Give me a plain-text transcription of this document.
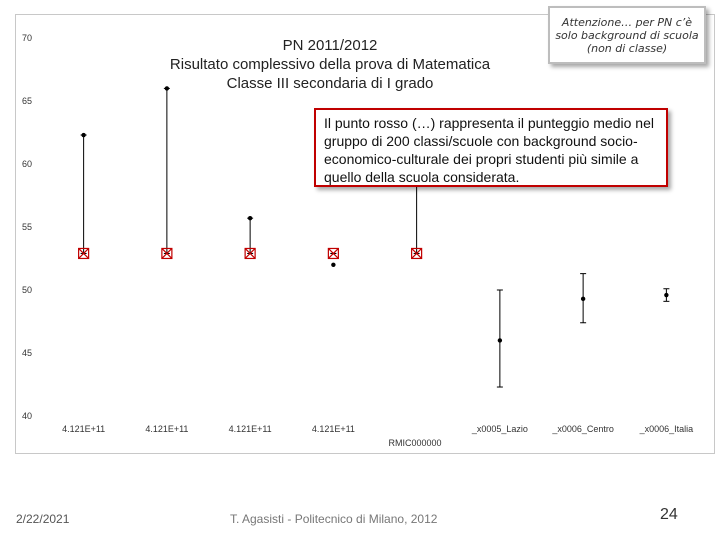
40
45
50
55
60
65
70
4.121E+11	4.121E+11	4.121E+11	4.121E+11	_x0005_Lazio	_x0006_Centro	_x0006_Italia
RMIC000000
PN 2011/2012
Risultato complessivo della prova di Matematica
Classe III secondaria di I grado
Attenzione… per PN c’è solo background di scuola (non di classe)
Il punto rosso (…) rappresenta il punteggio medio nel gruppo di 200 classi/scuole con background socio-economico-culturale dei propri studenti più simile a quello della scuola considerata.
2/22/2021	T. Agasisti - Politecnico di Milano, 2012	24
